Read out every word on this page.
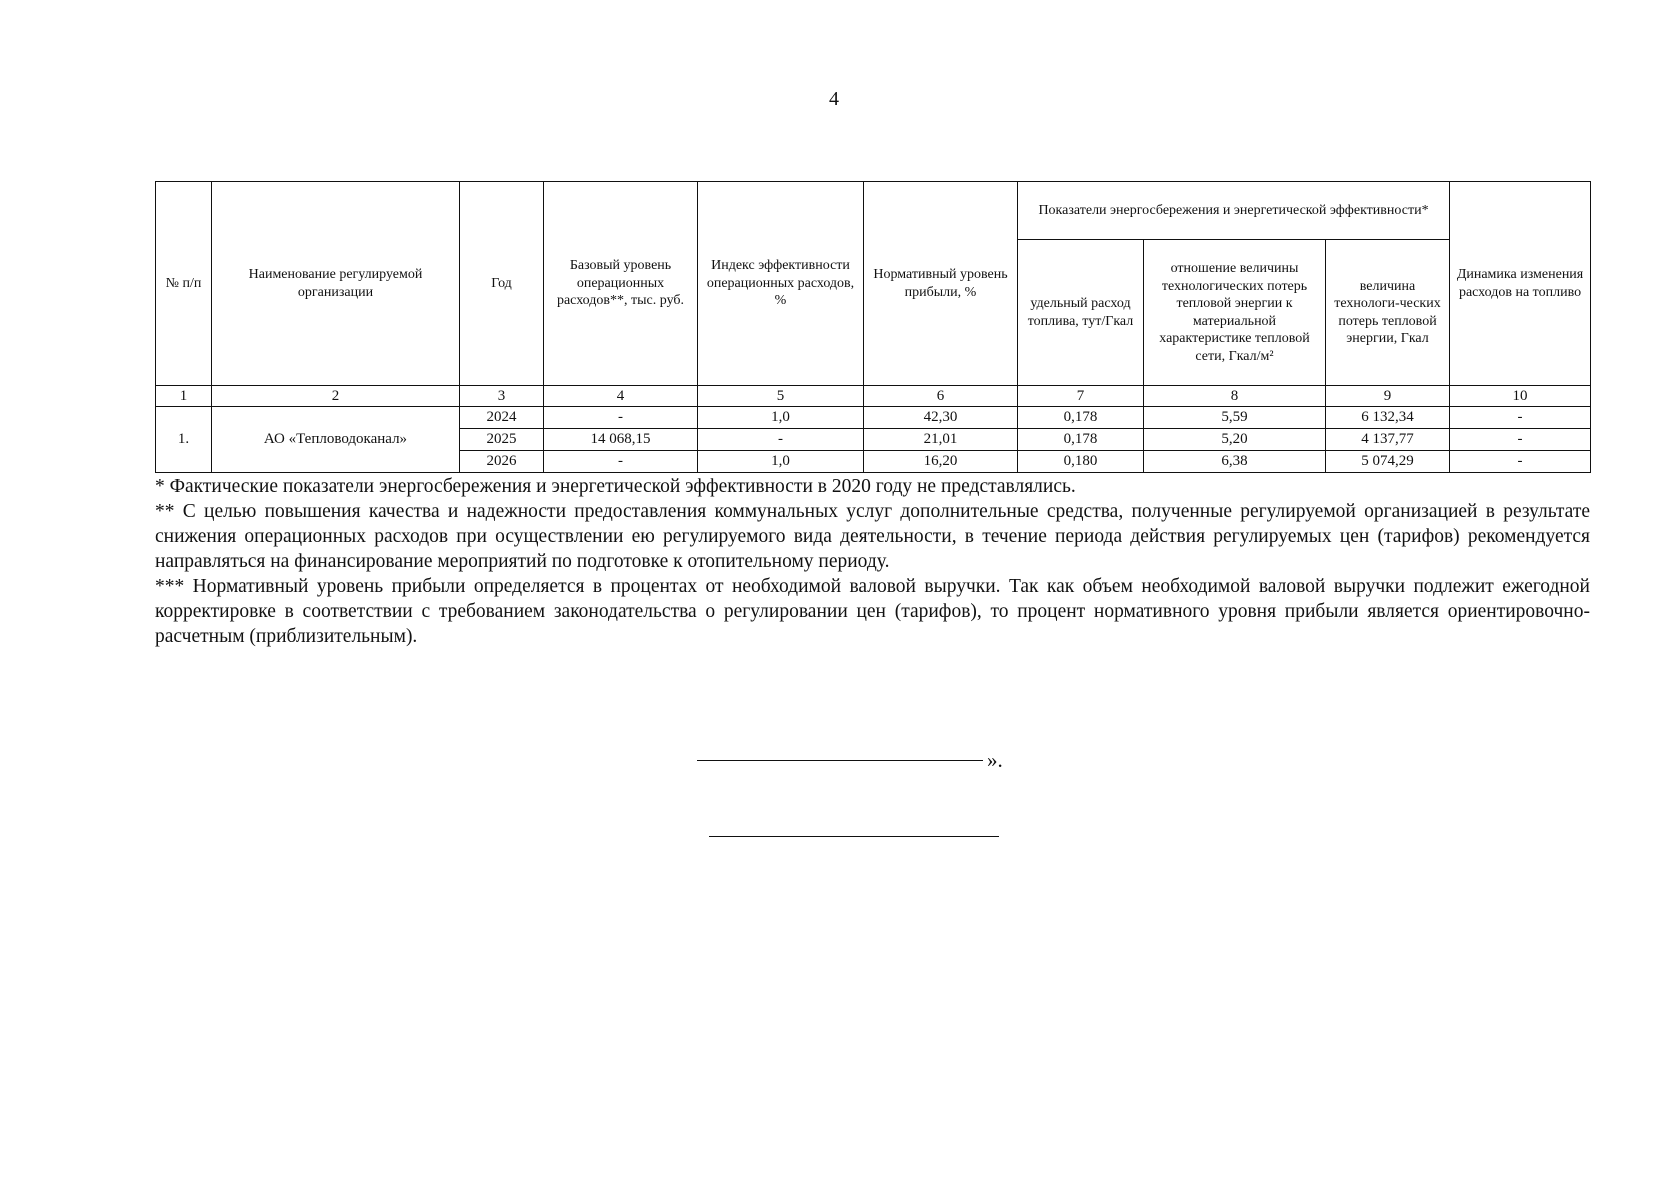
4
№ п/п	Наименование регулируемой организации	Год	Базовый уровень операционных расходов**, тыс. руб.	Индекс эффективности операционных расходов, %	Нормативный уровень прибыли, %	Показатели энергосбережения и энергетической эффективности*			Динамика изменения расходов на топливо
						удельный расход топлива, тут/Гкал	отношение величины технологических потерь тепловой энергии к материальной характеристике тепловой сети, Гкал/м²	величина технологи-ческих потерь тепловой энергии, Гкал	
1	2	3	4	5	6	7	8	9	10
1.	АО «Тепловодоканал»	2024	-	1,0	42,30	0,178	5,59	6 132,34	-
		2025	14 068,15	-	21,01	0,178	5,20	4 137,77	-
		2026	-	1,0	16,20	0,180	6,38	5 074,29	-

* Фактические показатели энергосбережения и энергетической эффективности в 2020 году не представлялись.

** С целью повышения качества и надежности предоставления коммунальных услуг дополнительные средства, полученные регулируемой организацией в результате снижения операционных расходов при осуществлении ею регулируемого вида деятельности, в течение периода действия регулируемых цен (тарифов) рекомендуется направляться на финансирование мероприятий по подготовке к отопительному периоду.

*** Нормативный уровень прибыли определяется в процентах от необходимой валовой выручки. Так как объем необходимой валовой выручки подлежит ежегодной корректировке в соответствии с требованием законодательства о регулировании цен (тарифов), то процент нормативного уровня прибыли является ориентировочно-расчетным (приблизительным).

».
